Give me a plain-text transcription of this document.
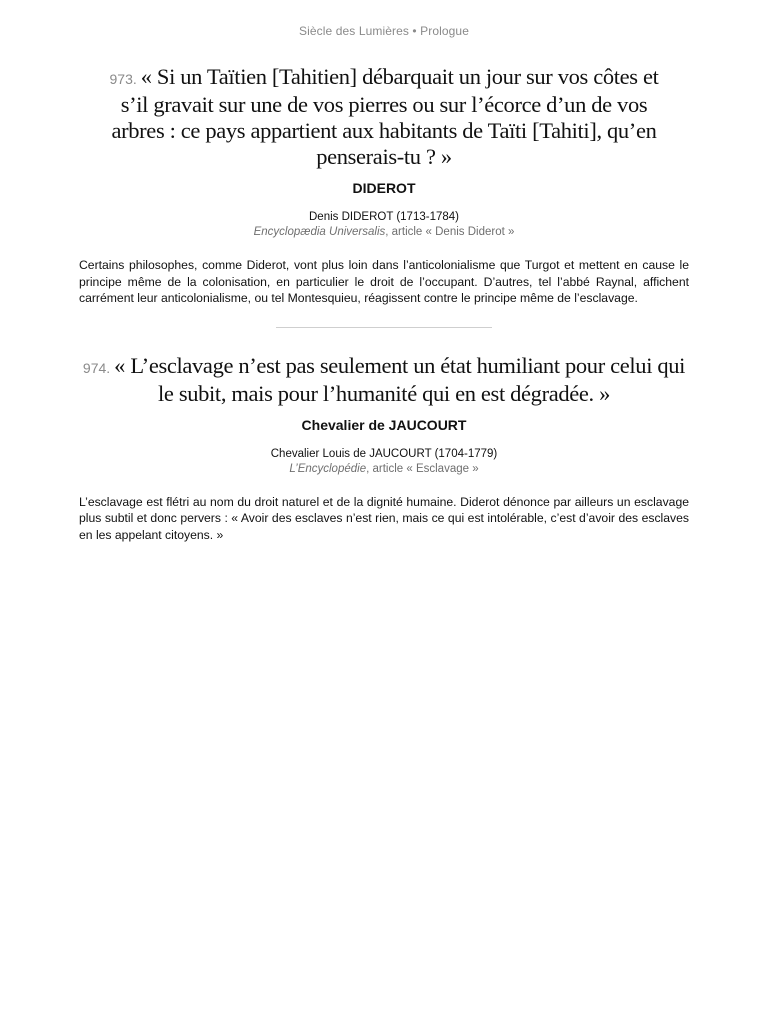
Siècle des Lumières • Prologue
973. « Si un Taïtien [Tahitien] débarquait un jour sur vos côtes et s’il gravait sur une de vos pierres ou sur l’écorce d’un de vos arbres : ce pays appartient aux habitants de Taïti [Tahiti], qu’en penserais-tu ? »
DIDEROT
Denis DIDEROT (1713-1784)
Encyclopædia Universalis, article « Denis Diderot »

Certains philosophes, comme Diderot, vont plus loin dans l’anticolonialisme que Turgot et mettent en cause le principe même de la colonisation, en particulier le droit de l’occupant. D’autres, tel l’abbé Raynal, affichent carrément leur anticolonialisme, ou tel Montesquieu, réagissent contre le principe même de l’esclavage.

974. « L’esclavage n’est pas seulement un état humiliant pour celui qui le subit, mais pour l’humanité qui en est dégradée. »
Chevalier de JAUCOURT
Chevalier Louis de JAUCOURT (1704-1779)
L’Encyclopédie, article « Esclavage »

L’esclavage est flétri au nom du droit naturel et de la dignité humaine. Diderot dénonce par ailleurs un esclavage plus subtil et donc pervers : « Avoir des esclaves n’est rien, mais ce qui est intolérable, c’est d’avoir des esclaves en les appelant citoyens. »
